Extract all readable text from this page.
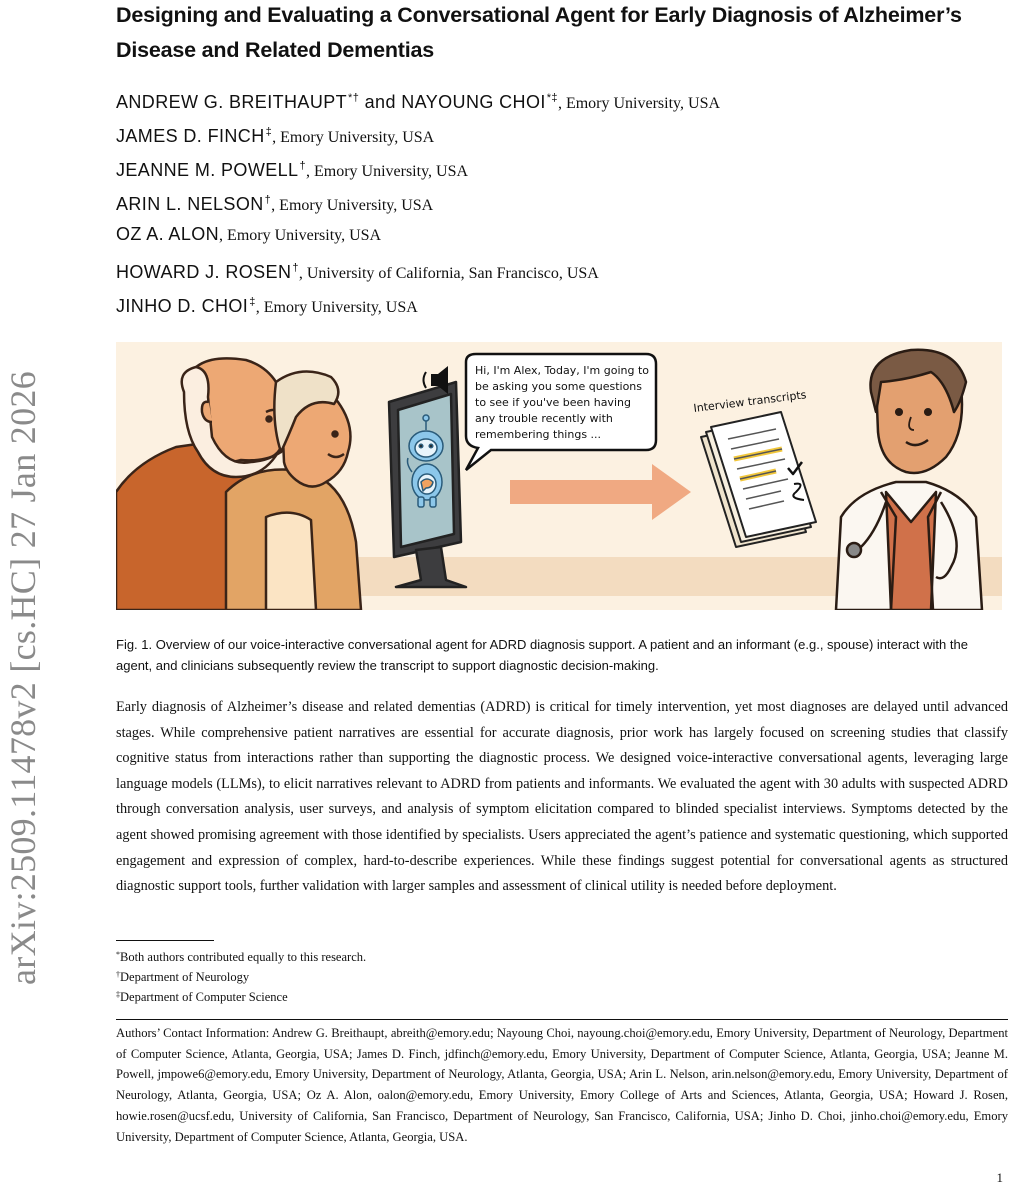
arXiv:2509.11478v2 [cs.HC] 27 Jan 2026
Designing and Evaluating a Conversational Agent for Early Diagnosis of Alzheimer’s Disease and Related Dementias
ANDREW G. BREITHAUPT*† and NAYOUNG CHOI*‡, Emory University, USA
JAMES D. FINCH‡, Emory University, USA
JEANNE M. POWELL†, Emory University, USA
ARIN L. NELSON†, Emory University, USA
OZ A. ALON, Emory University, USA
HOWARD J. ROSEN†, University of California, San Francisco, USA
JINHO D. CHOI‡, Emory University, USA
Hi, I'm Alex, Today, I'm going to
be asking you some questions
to see if you've been having
any trouble recently with
remembering things ...
Interview transcripts
Fig. 1. Overview of our voice-interactive conversational agent for ADRD diagnosis support. A patient and an informant (e.g., spouse) interact with the agent, and clinicians subsequently review the transcript to support diagnostic decision-making.
Early diagnosis of Alzheimer’s disease and related dementias (ADRD) is critical for timely intervention, yet most diagnoses are delayed until advanced stages. While comprehensive patient narratives are essential for accurate diagnosis, prior work has largely focused on screening studies that classify cognitive status from interactions rather than supporting the diagnostic process. We designed voice-interactive conversational agents, leveraging large language models (LLMs), to elicit narratives relevant to ADRD from patients and informants. We evaluated the agent with 30 adults with suspected ADRD through conversation analysis, user surveys, and analysis of symptom elicitation compared to blinded specialist interviews. Symptoms detected by the agent showed promising agreement with those identified by specialists. Users appreciated the agent’s patience and systematic questioning, which supported engagement and expression of complex, hard-to-describe experiences. While these findings suggest potential for conversational agents as structured diagnostic support tools, further validation with larger samples and assessment of clinical utility is needed before deployment.
*Both authors contributed equally to this research.
†Department of Neurology
‡Department of Computer Science
Authors’ Contact Information: Andrew G. Breithaupt, abreith@emory.edu; Nayoung Choi, nayoung.choi@emory.edu, Emory University, Department of Neurology, Department of Computer Science, Atlanta, Georgia, USA; James D. Finch, jdfinch@emory.edu, Emory University, Department of Computer Science, Atlanta, Georgia, USA; Jeanne M. Powell, jmpowe6@emory.edu, Emory University, Department of Neurology, Atlanta, Georgia, USA; Arin L. Nelson, arin.nelson@emory.edu, Emory University, Department of Neurology, Atlanta, Georgia, USA; Oz A. Alon, oalon@emory.edu, Emory University, Emory College of Arts and Sciences, Atlanta, Georgia, USA; Howard J. Rosen, howie.rosen@ucsf.edu, University of California, San Francisco, Department of Neurology, San Francisco, California, USA; Jinho D. Choi, jinho.choi@emory.edu, Emory University, Department of Computer Science, Atlanta, Georgia, USA.
1
